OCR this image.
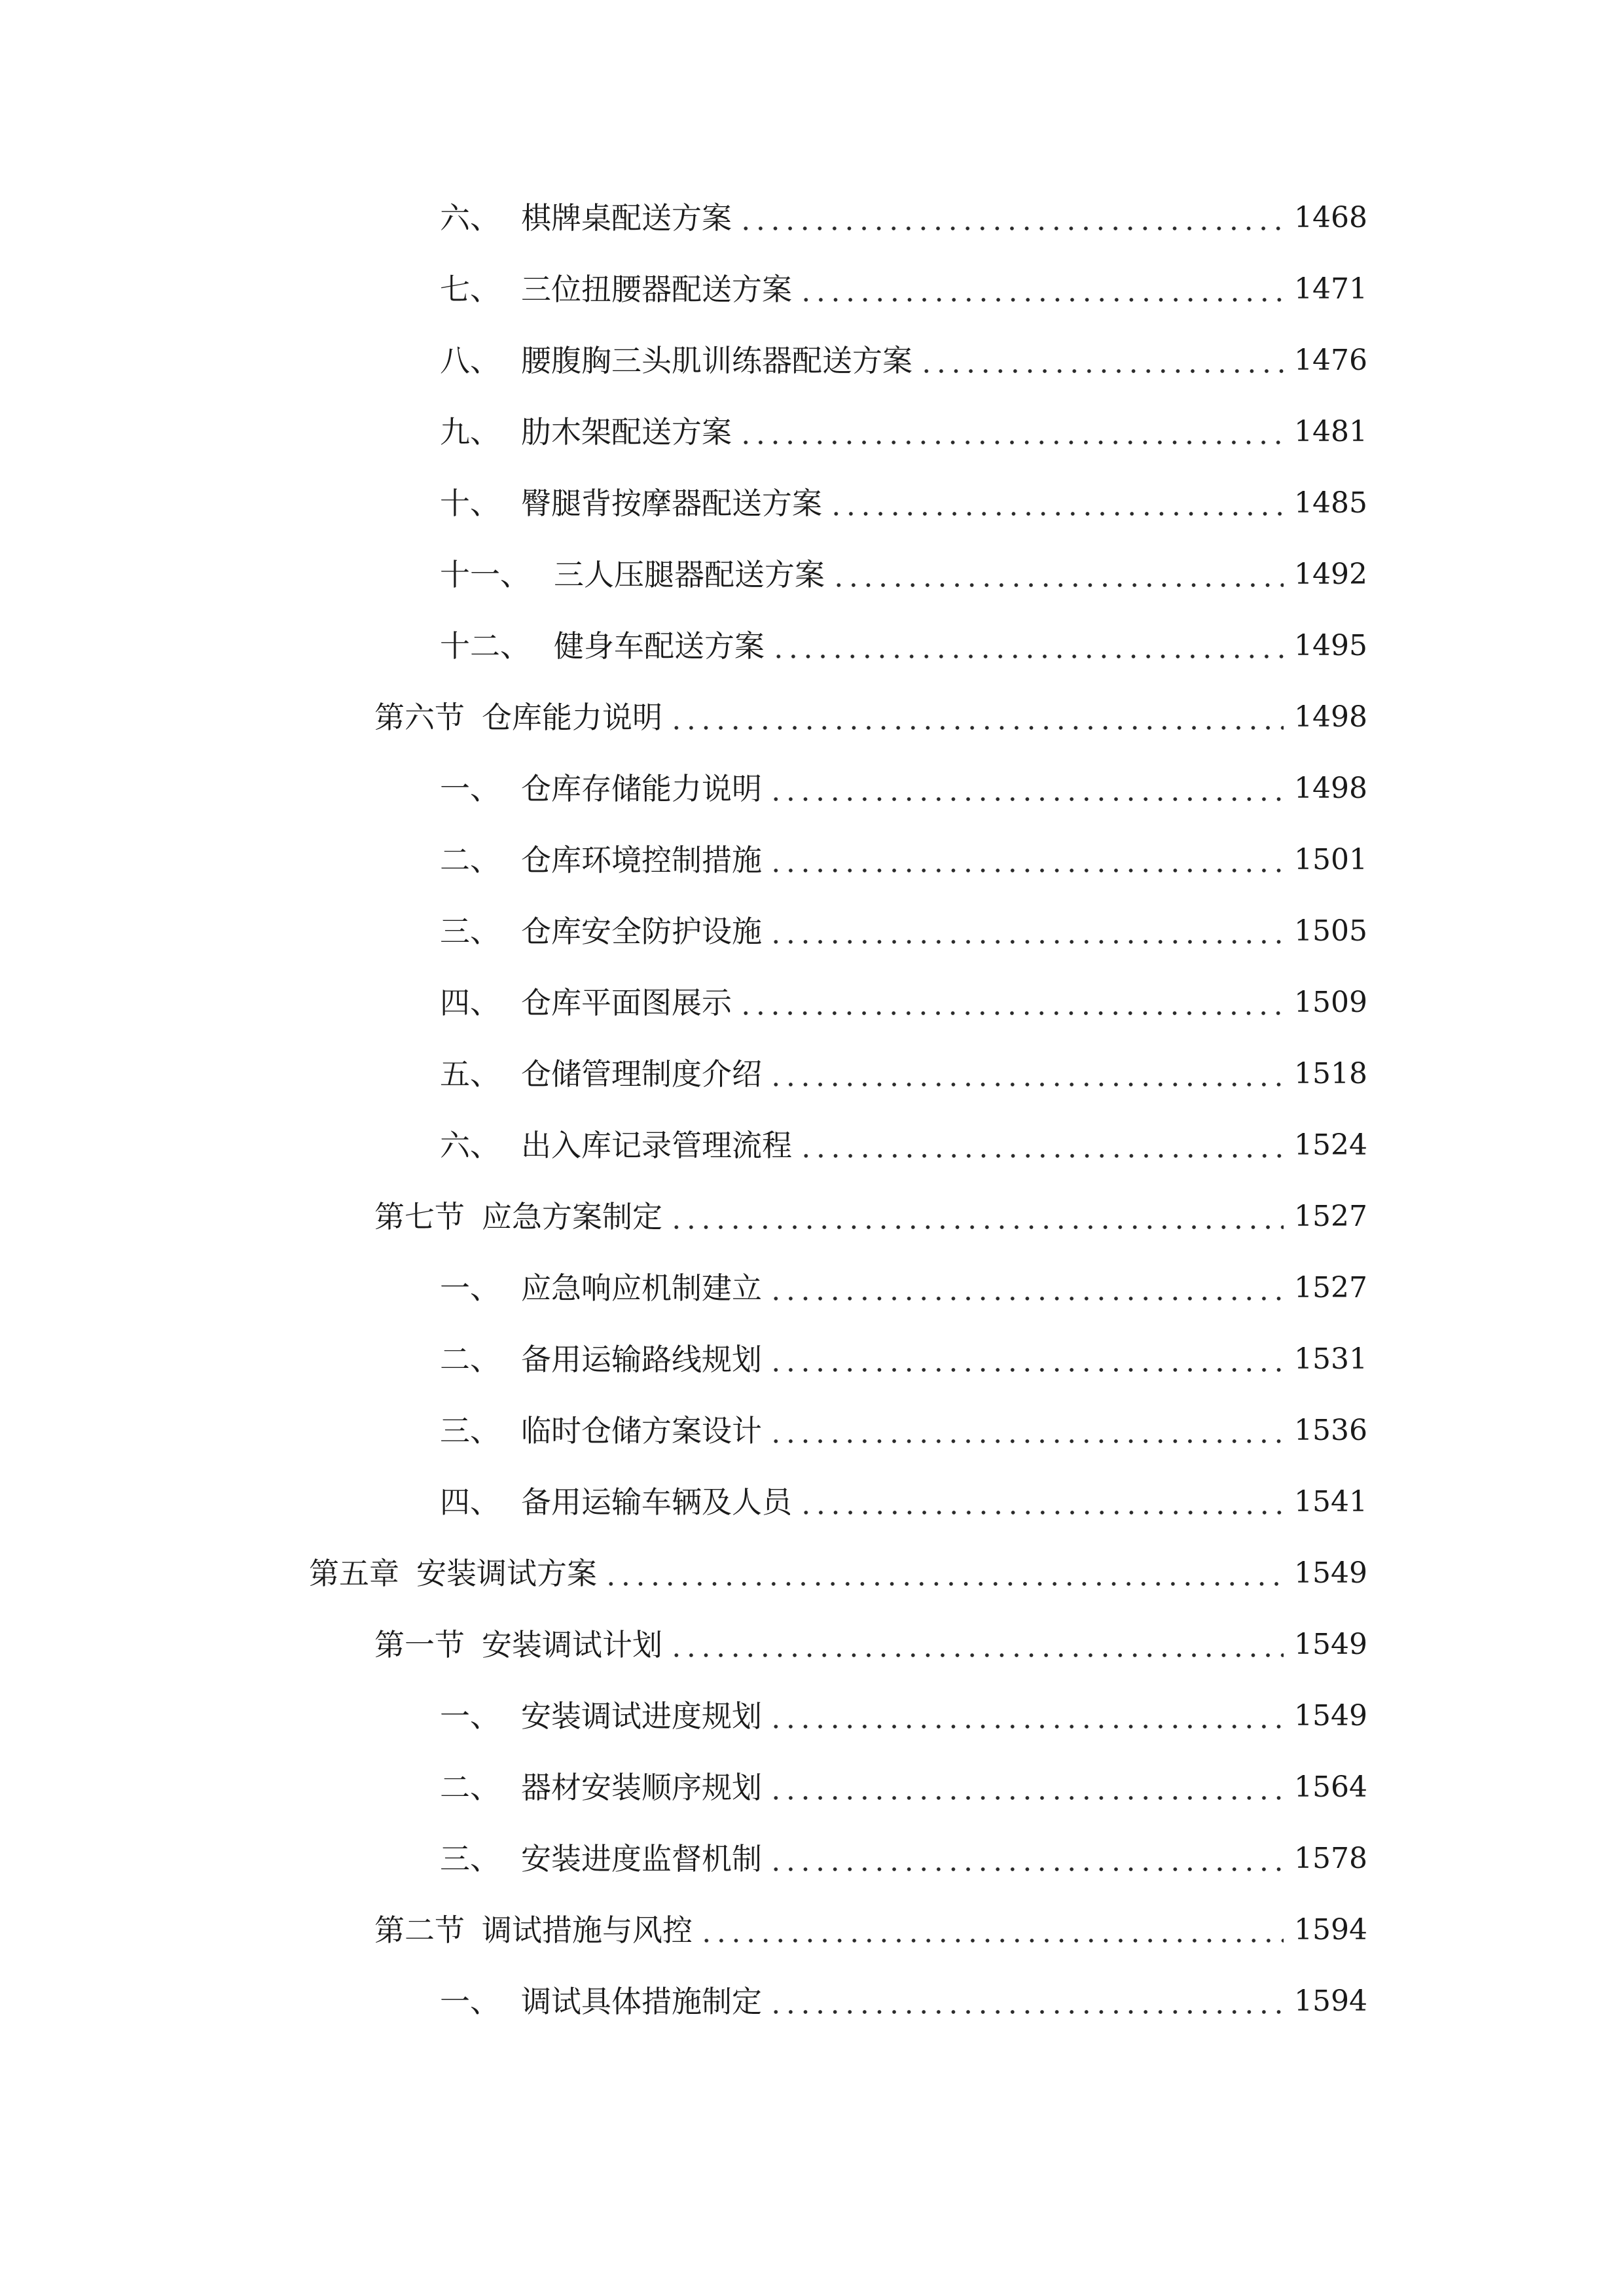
六、 棋牌桌配送方案	1468
七、 三位扭腰器配送方案	1471
八、 腰腹胸三头肌训练器配送方案	1476
九、 肋木架配送方案	1481
十、 臀腿背按摩器配送方案	1485
十一、 三人压腿器配送方案	1492
十二、 健身车配送方案	1495
第六节 仓库能力说明	1498
一、 仓库存储能力说明	1498
二、 仓库环境控制措施	1501
三、 仓库安全防护设施	1505
四、 仓库平面图展示	1509
五、 仓储管理制度介绍	1518
六、 出入库记录管理流程	1524
第七节 应急方案制定	1527
一、 应急响应机制建立	1527
二、 备用运输路线规划	1531
三、 临时仓储方案设计	1536
四、 备用运输车辆及人员	1541
第五章 安装调试方案	1549
第一节 安装调试计划	1549
一、 安装调试进度规划	1549
二、 器材安装顺序规划	1564
三、 安装进度监督机制	1578
第二节 调试措施与风控	1594
一、 调试具体措施制定	1594
